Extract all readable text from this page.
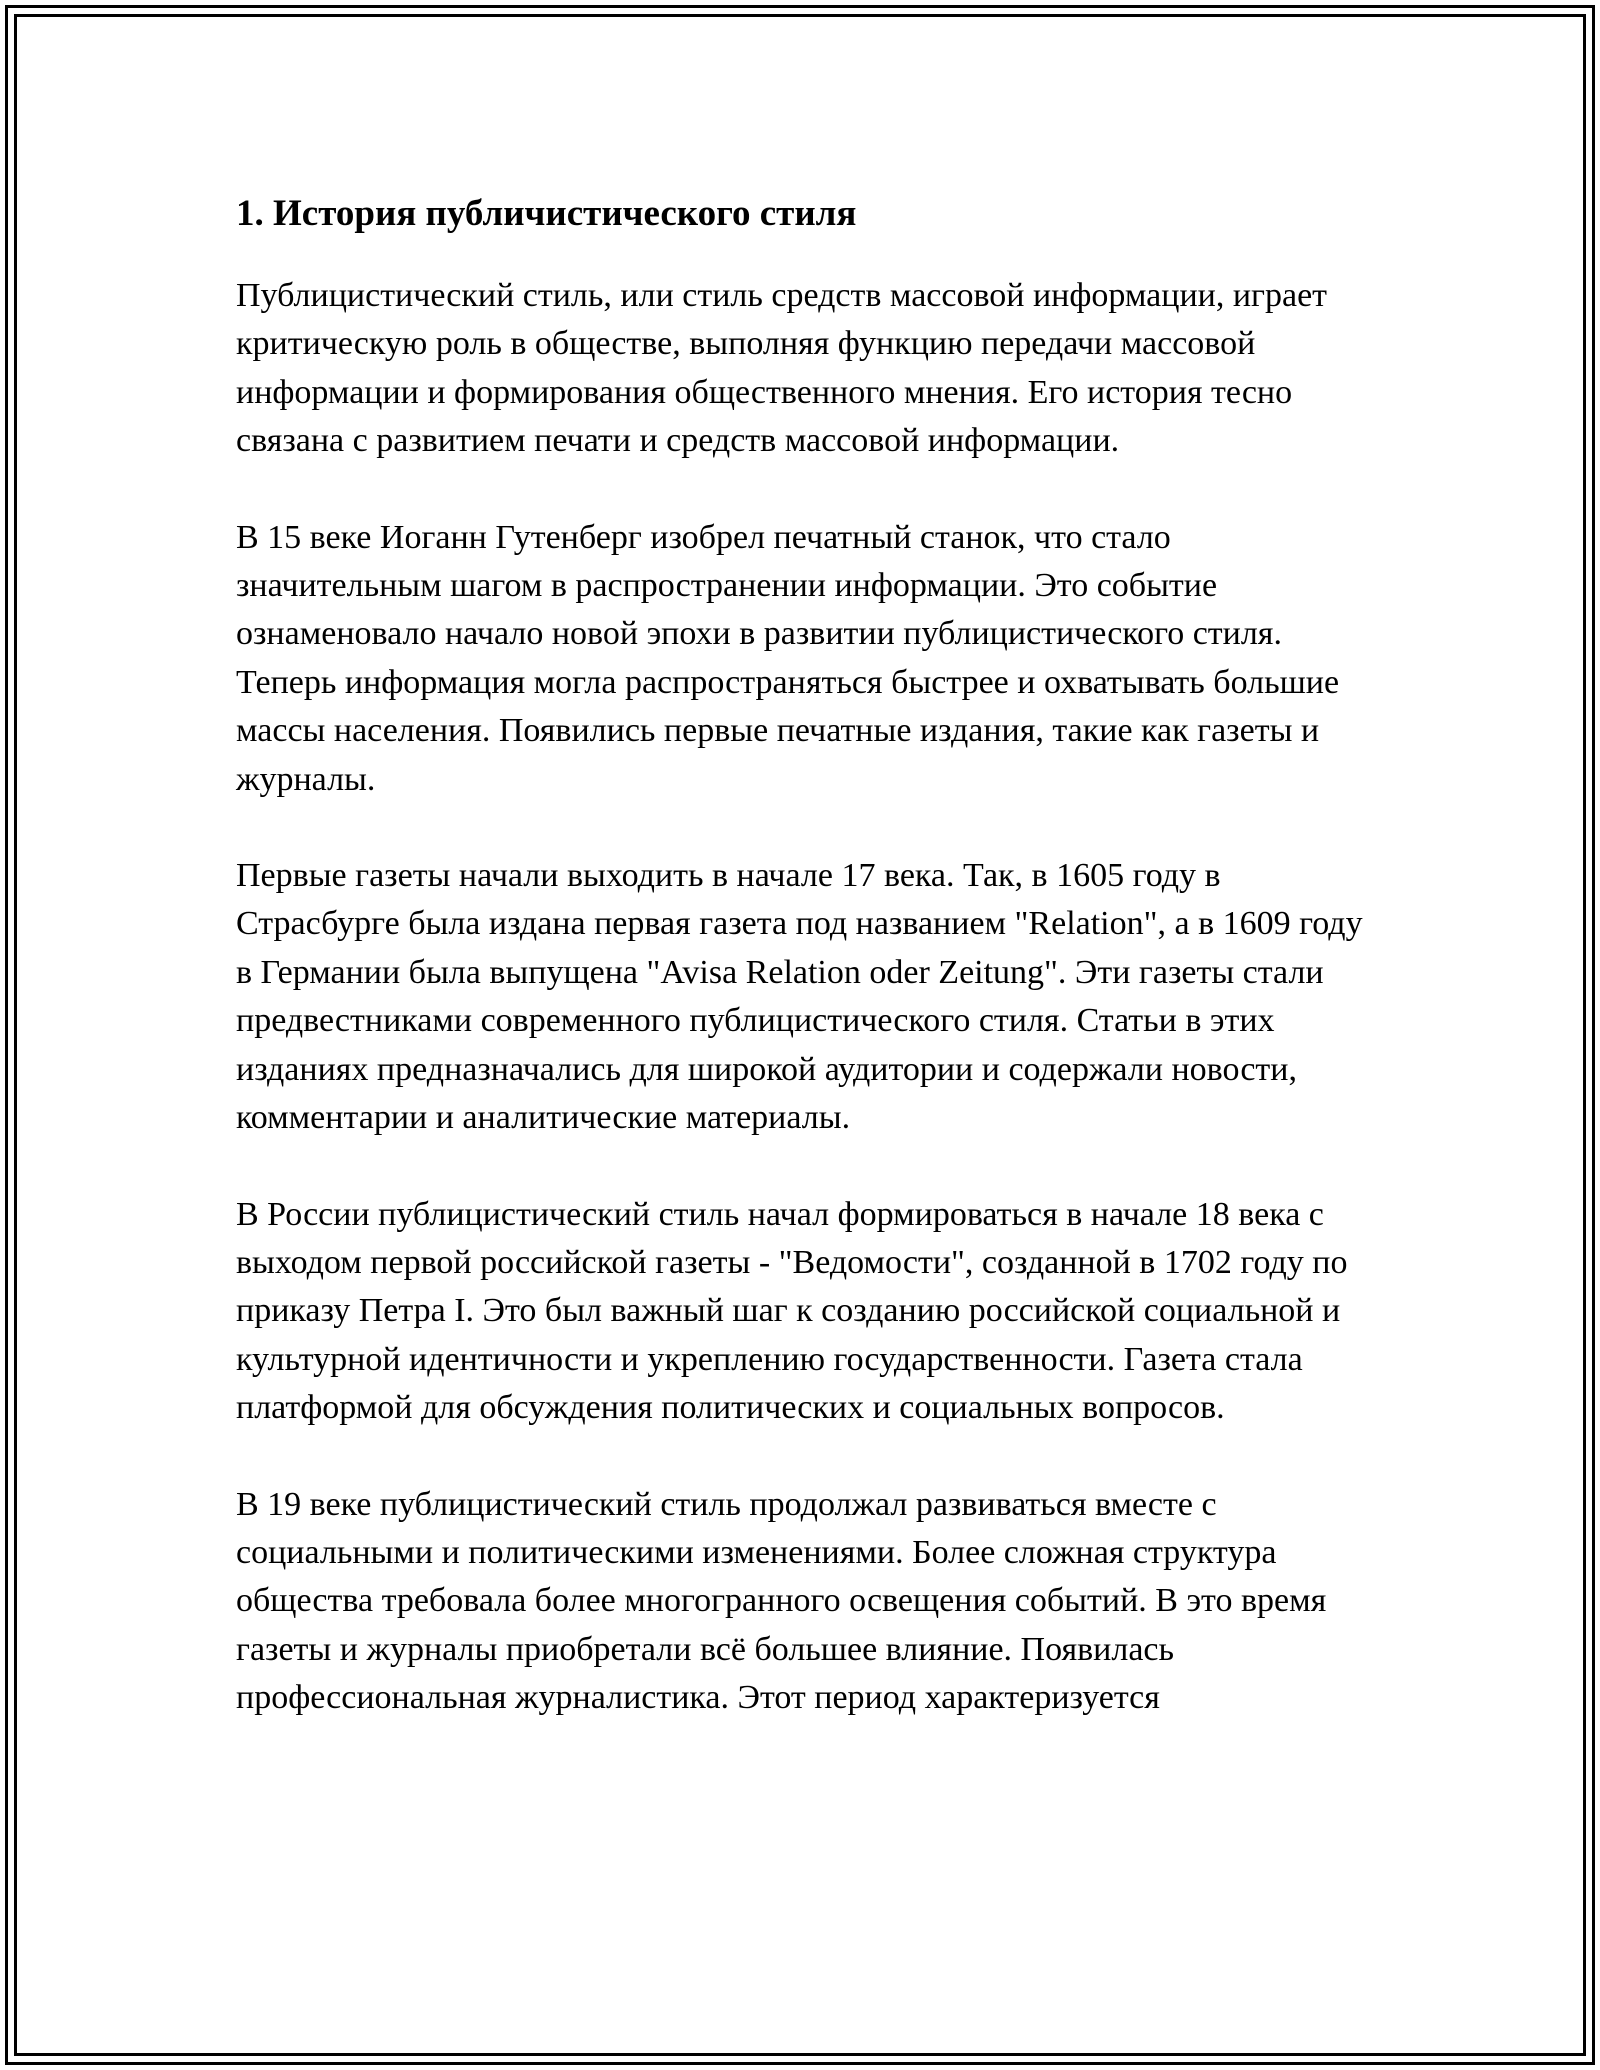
1. История публичистического стиля

Публицистический стиль, или стиль средств массовой информации, играет критическую роль в обществе, выполняя функцию передачи массовой информации и формирования общественного мнения. Его история тесно связана с развитием печати и средств массовой информации.

В 15 веке Иоганн Гутенберг изобрел печатный станок, что стало значительным шагом в распространении информации. Это событие ознаменовало начало новой эпохи в развитии публицистического стиля. Теперь информация могла распространяться быстрее и охватывать большие массы населения. Появились первые печатные издания, такие как газеты и журналы.

Первые газеты начали выходить в начале 17 века. Так, в 1605 году в Страсбурге была издана первая газета под названием "Relation", а в 1609 году в Германии была выпущена "Avisa Relation oder Zeitung". Эти газеты стали предвестниками современного публицистического стиля. Статьи в этих изданиях предназначались для широкой аудитории и содержали новости, комментарии и аналитические материалы.

В России публицистический стиль начал формироваться в начале 18 века с выходом первой российской газеты - "Ведомости", созданной в 1702 году по приказу Петра I. Это был важный шаг к созданию российской социальной и культурной идентичности и укреплению государственности. Газета стала платформой для обсуждения политических и социальных вопросов.

В 19 веке публицистический стиль продолжал развиваться вместе с социальными и политическими изменениями. Более сложная структура общества требовала более многогранного освещения событий. В это время газеты и журналы приобретали всё большее влияние. Появилась профессиональная журналистика. Этот период характеризуется
